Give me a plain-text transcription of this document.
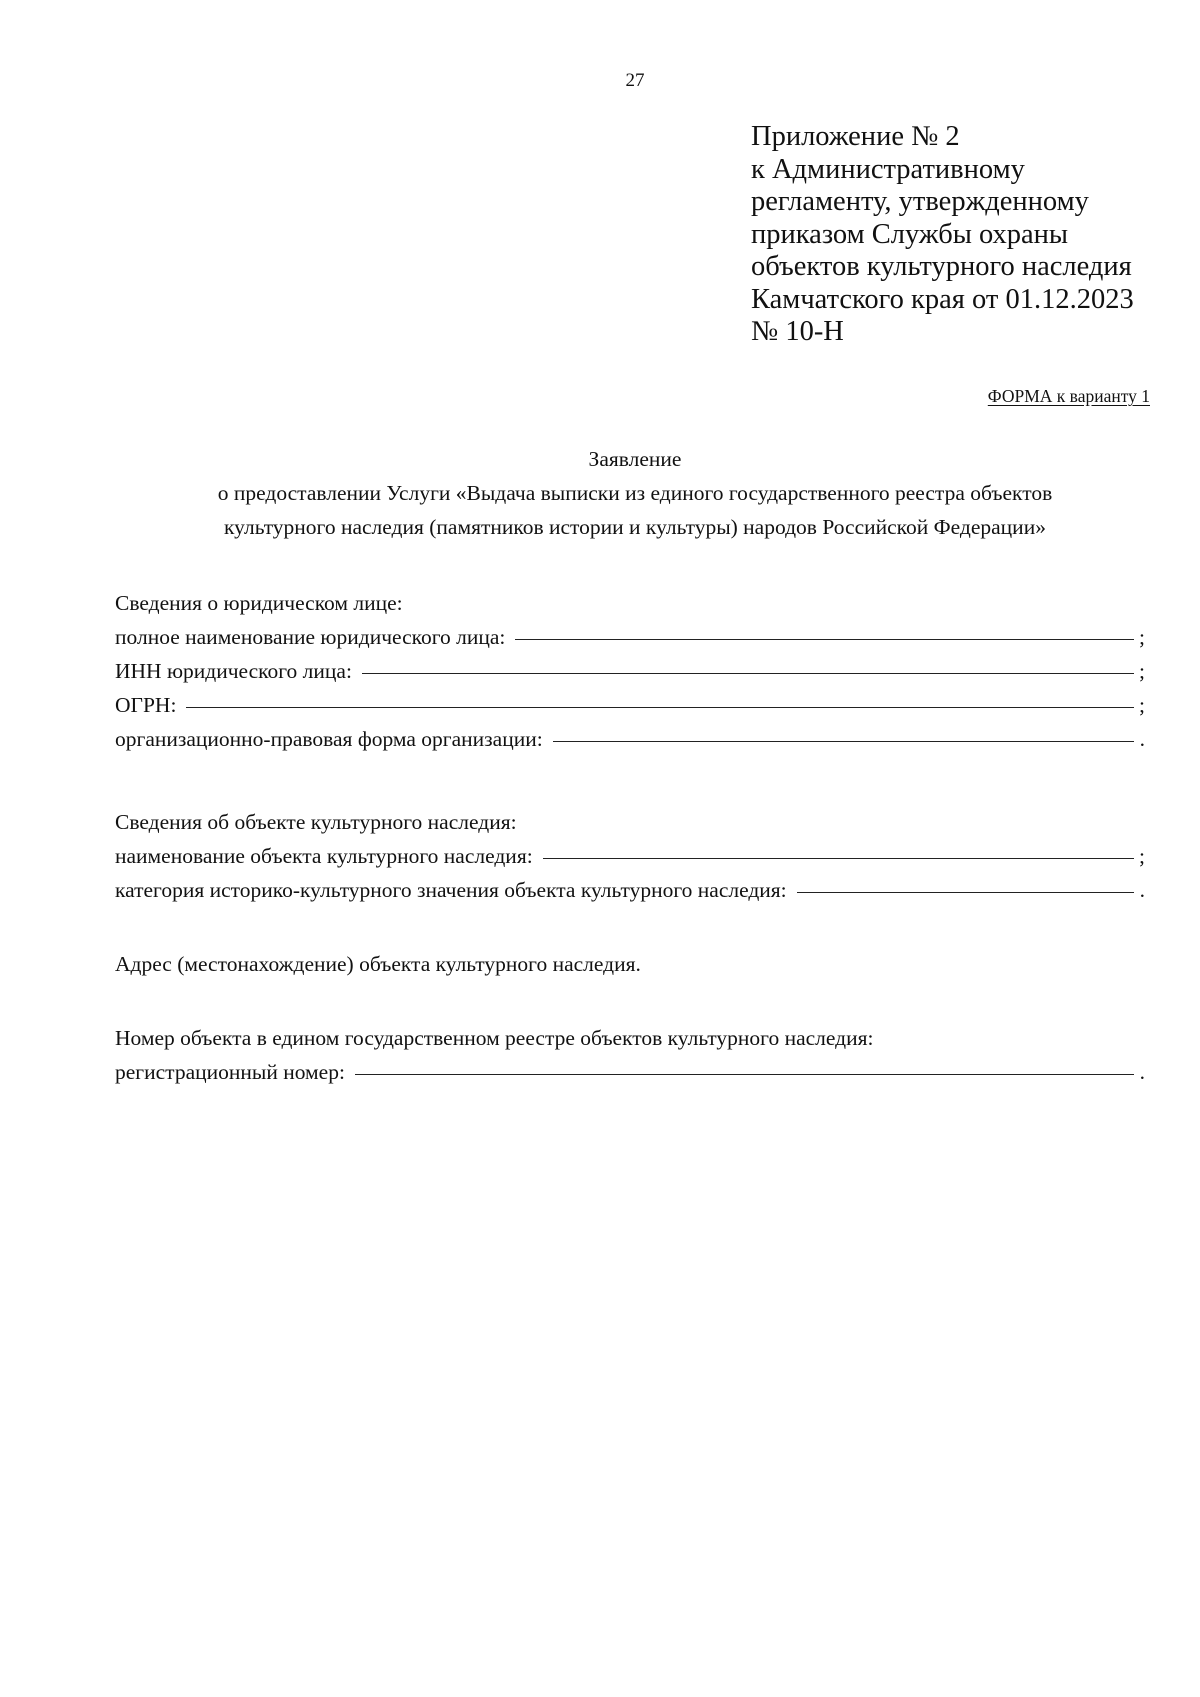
27
Приложение № 2
к Административному
регламенту, утвержденному
приказом Службы охраны
объектов культурного наследия
Камчатского края от 01.12.2023
№ 10-Н
ФОРМА к варианту 1
Заявление
о предоставлении Услуги «Выдача выписки из единого государственного реестра объектов
культурного наследия (памятников истории и культуры) народов Российской Федерации»
Сведения о юридическом лице:
полное наименование юридического лица:	;
ИНН юридического лица:	;
ОГРН:	;
организационно-правовая форма организации:	.
Сведения об объекте культурного наследия:
наименование объекта культурного наследия:	;
категория историко-культурного значения объекта культурного наследия:	.
Адрес (местонахождение) объекта культурного наследия.
Номер объекта в едином государственном реестре объектов культурного наследия:
регистрационный номер:	.
